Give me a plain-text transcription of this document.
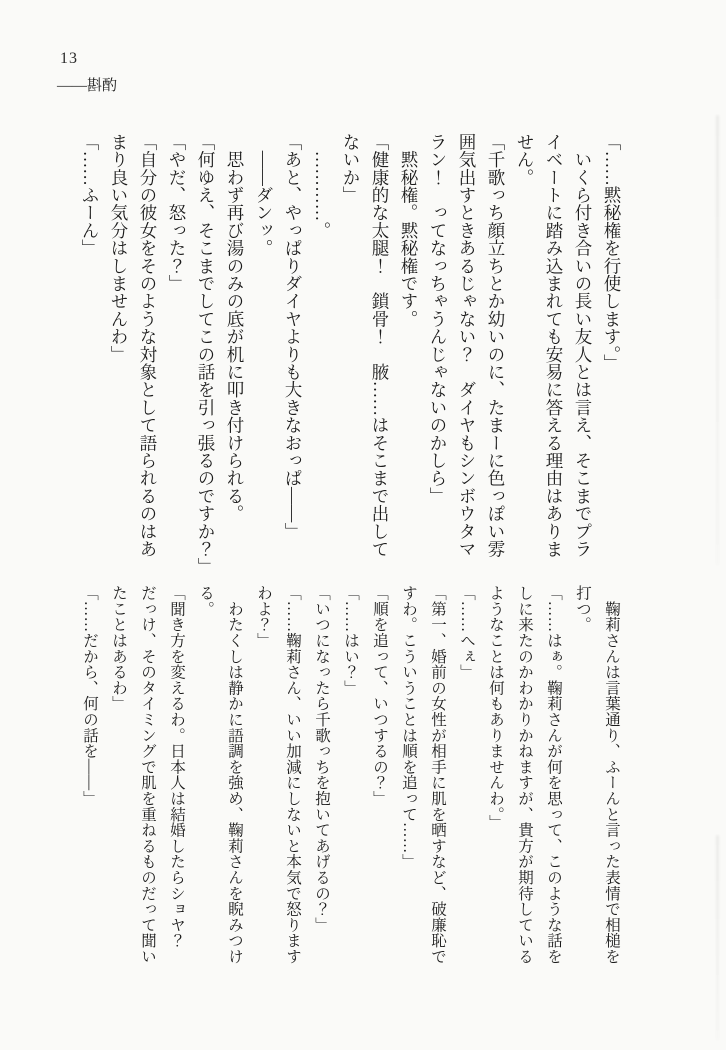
13
――斟酌

「……黙秘権を行使します。」

　いくら付き合いの長い友人とは言え、そこまでプラ

イベートに踏み込まれても安易に答える理由はありま

せん。

「千歌っち顔立ちとか幼いのに、たまーに色っぽい雰

囲気出すときあるじゃない？　ダイヤもシンボウタマ

ラン！　ってなっちゃうんじゃないのかしら」

　黙秘権。黙秘権です。

「健康的な太腿！　鎖骨！　腋……はそこまで出して

ないか」

　…………。

「あと、やっぱりダイヤよりも大きなおっぱ——」

　——ダンッ。

　思わず再び湯のみの底が机に叩き付けられる。

「何ゆえ、そこまでしてこの話を引っ張るのですか？」

「やだ、怒った？」

「自分の彼女をそのような対象として語られるのはあ

まり良い気分はしませんわ」

「……ふーん」

　鞠莉さんは言葉通り、ふーんと言った表情で相槌を

打つ。

「……はぁ。鞠莉さんが何を思って、このような話を

しに来たのかわかりかねますが、貴方が期待している

ようなことは何もありませんわ。」

「……へぇ」

「第一、婚前の女性が相手に肌を晒すなど、破廉恥で

すわ。こういうことは順を追って……」

「順を追って、いつするの？」

「……はい？」

「いつになったら千歌っちを抱いてあげるの？」

「……鞠莉さん、いい加減にしないと本気で怒ります

わよ？」

　わたくしは静かに語調を強め、鞠莉さんを睨みつけ

る。

「聞き方を変えるわ。日本人は結婚したらショヤ？

だっけ、そのタイミングで肌を重ねるものだって聞い

たことはあるわ」

「……だから、何の話を——」
